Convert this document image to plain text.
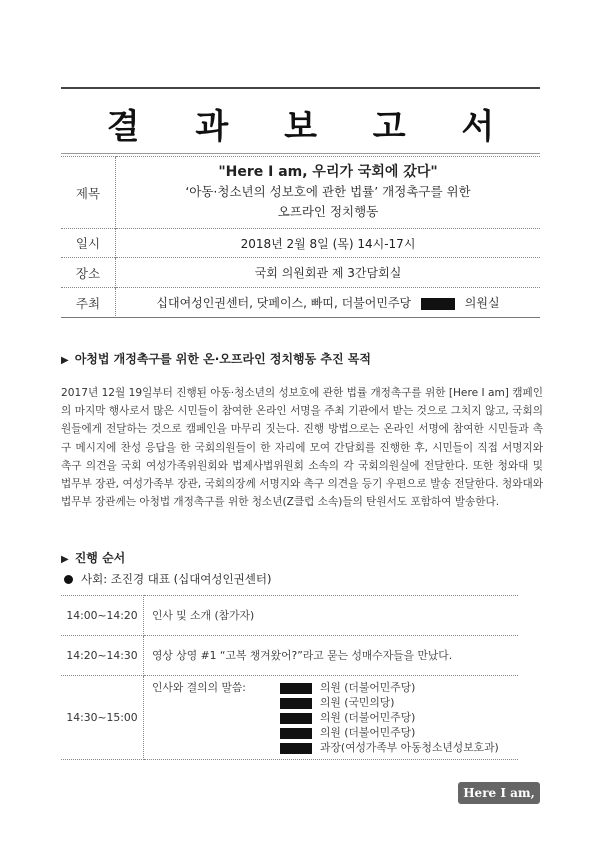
결 과 보 고 서
제목	"Here I am, 우리가 국회에 갔다"
‘아동·청소년의 성보호에 관한 법률’ 개정촉구를 위한
오프라인 정치행동

일시	2018년 2월 8일 (목) 14시-17시
장소	국회 의원회관 제 3간담회실
주최	십대여성인권센터, 닷페이스, 빠띠, 더불어민주당 의원실
▶ 아청법 개정촉구를 위한 온·오프라인 정치행동 추진 목적

2017년 12월 19일부터 진행된 아동·청소년의 성보호에 관한 법률 개정촉구를 위한 [Here I am] 캠페인의 마지막 행사로서 많은 시민들이 참여한 온라인 서명을 주최 기관에서 받는 것으로 그치지 않고, 국회의원들에게 전달하는 것으로 캠페인을 마무리 짓는다. 진행 방법으로는 온라인 서명에 참여한 시민들과 촉구 메시지에 찬성 응답을 한 국회의원들이 한 자리에 모여 간담회를 진행한 후, 시민들이 직접 서명지와 촉구 의견을 국회 여성가족위원회와 법제사법위원회 소속의 각 국회의원실에 전달한다. 또한 청와대 및 법무부 장관, 여성가족부 장관, 국회의장께 서명지와 촉구 의견을 등기 우편으로 발송 전달한다. 청와대와 법무부 장관께는 아청법 개정촉구를 위한 청소년(Z클럽 소속)들의 탄원서도 포함하여 발송한다.

▶ 진행 순서
사회: 조진경 대표 (십대여성인권센터)
14:00~14:20	인사 및 소개 (참가자)
14:20~14:30	영상 상영 #1 “고복 챙겨왔어?”라고 묻는 성매수자들을 만났다.
14:30~15:00	인사와 결의의 말씀: 의원 (더불어민주당)
의원 (국민의당)
의원 (더불어민주당)
의원 (더불어민주당)
과장(여성가족부 아동청소년성보호과)
Here I am,
